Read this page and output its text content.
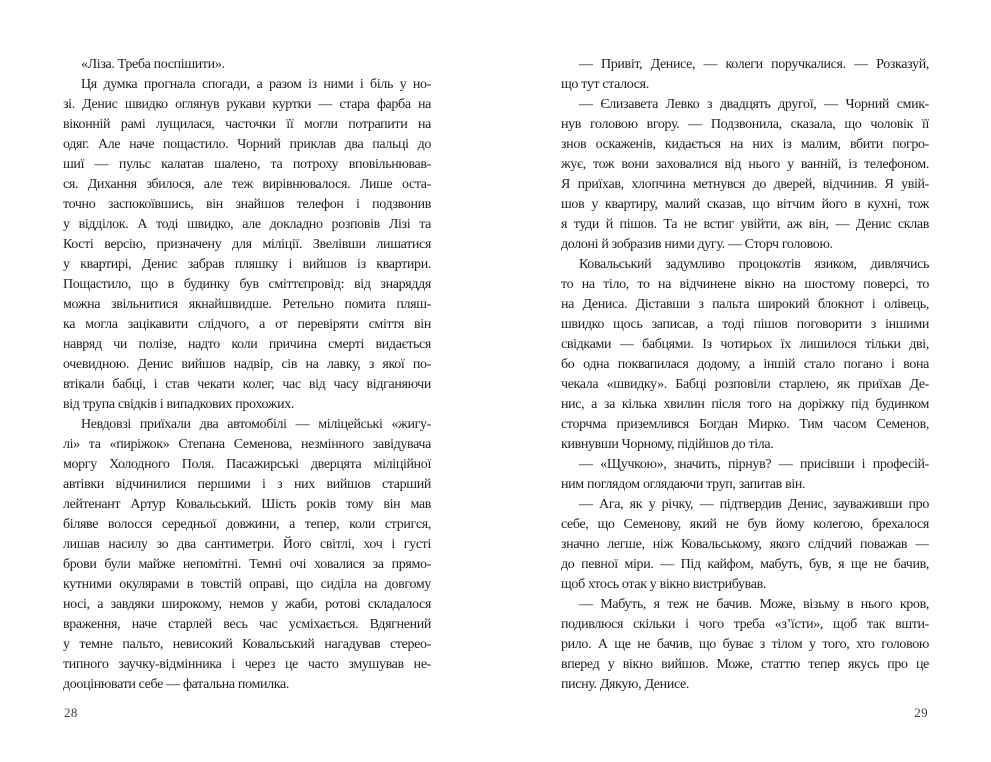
«Ліза. Треба поспішити».
Ця думка прогнала спогади, а разом із ними і біль у но-
зі. Денис швидко оглянув рукави куртки — стара фарба на
віконній рамі лущилася, часточки її могли потрапити на
одяг. Але наче пощастило. Чорний приклав два пальці до
шиї — пульс калатав шалено, та потроху вповільнював-
ся. Дихання збилося, але теж вирівнювалося. Лише оста-
точно заспокоївшись, він знайшов телефон і подзвонив
у відділок. А тоді швидко, але докладно розповів Лізі та
Кості версію, призначену для міліції. Звелівши лишатися
у квартирі, Денис забрав пляшку і вийшов із квартири.
Пощастило, що в будинку був сміттєпровід: від знаряддя
можна звільнитися якнайшвидше. Ретельно помита пляш-
ка могла зацікавити слідчого, а от перевіряти сміття він
навряд чи полізе, надто коли причина смерті видається
очевидною. Денис вийшов надвір, сів на лавку, з якої по-
втікали бабці, і став чекати колег, час від часу відганяючи
від трупа свідків і випадкових прохожих.
Невдовзі приїхали два автомобілі — міліцейські «жигу-
лі» та «пиріжок» Степана Семенова, незмінного завідувача
моргу Холодного Поля. Пасажирські дверцята міліційної
автівки відчинилися першими і з них вийшов старший
лейтенант Артур Ковальський. Шість років тому він мав
біляве волосся середньої довжини, а тепер, коли стригся,
лишав насилу зо два сантиметри. Його світлі, хоч і густі
брови були майже непомітні. Темні очі ховалися за прямо-
кутними окулярами в товстій оправі, що сиділа на довгому
носі, а завдяки широкому, немов у жаби, ротові складалося
враження, наче старлей весь час усміхається. Вдягнений
у темне пальто, невисокий Ковальський нагадував стерео-
типного заучку-відмінника і через це часто змушував не-
дооцінювати себе — фатальна помилка.
— Привіт, Денисе, — колеги поручкалися. — Розказуй,
що тут сталося.
— Єлизавета Левко з двадцять другої, — Чорний смик-
нув головою вгору. — Подзвонила, сказала, що чоловік її
знов оскаженів, кидається на них із малим, вбити погро-
жує, тож вони заховалися від нього у ванній, із телефоном.
Я приїхав, хлопчина метнувся до дверей, відчинив. Я увій-
шов у квартиру, малий сказав, що вітчим його в кухні, тож
я туди й пішов. Та не встиг увійти, аж він, — Денис склав
долоні й зобразив ними дугу. — Сторч головою.
Ковальський задумливо процокотів язиком, дивлячись
то на тіло, то на відчинене вікно на шостому поверсі, то
на Дениса. Діставши з пальта широкий блокнот і олівець,
швидко щось записав, а тоді пішов поговорити з іншими
свідками — бабцями. Із чотирьох їх лишилося тільки дві,
бо одна поквапилася додому, а іншій стало погано і вона
чекала «швидку». Бабці розповіли старлею, як приїхав Де-
нис, а за кілька хвилин після того на доріжку під будинком
сторчма приземлився Богдан Мирко. Тим часом Семенов,
кивнувши Чорному, підійшов до тіла.
— «Щучкою», значить, пірнув? — присівши і професій-
ним поглядом оглядаючи труп, запитав він.
— Ага, як у річку, — підтвердив Денис, зауваживши про
себе, що Семенову, який не був йому колегою, брехалося
значно легше, ніж Ковальському, якого слідчий поважав —
до певної міри. — Під кайфом, мабуть, був, я ще не бачив,
щоб хтось отак у вікно вистрибував.
— Мабуть, я теж не бачив. Може, візьму в нього кров,
подивлюся скільки і чого треба «з’їсти», щоб так вшти-
рило. А ще не бачив, що буває з тілом у того, хто головою
вперед у вікно вийшов. Може, статтю тепер якусь про це
писну. Дякую, Денисе.
28	29
